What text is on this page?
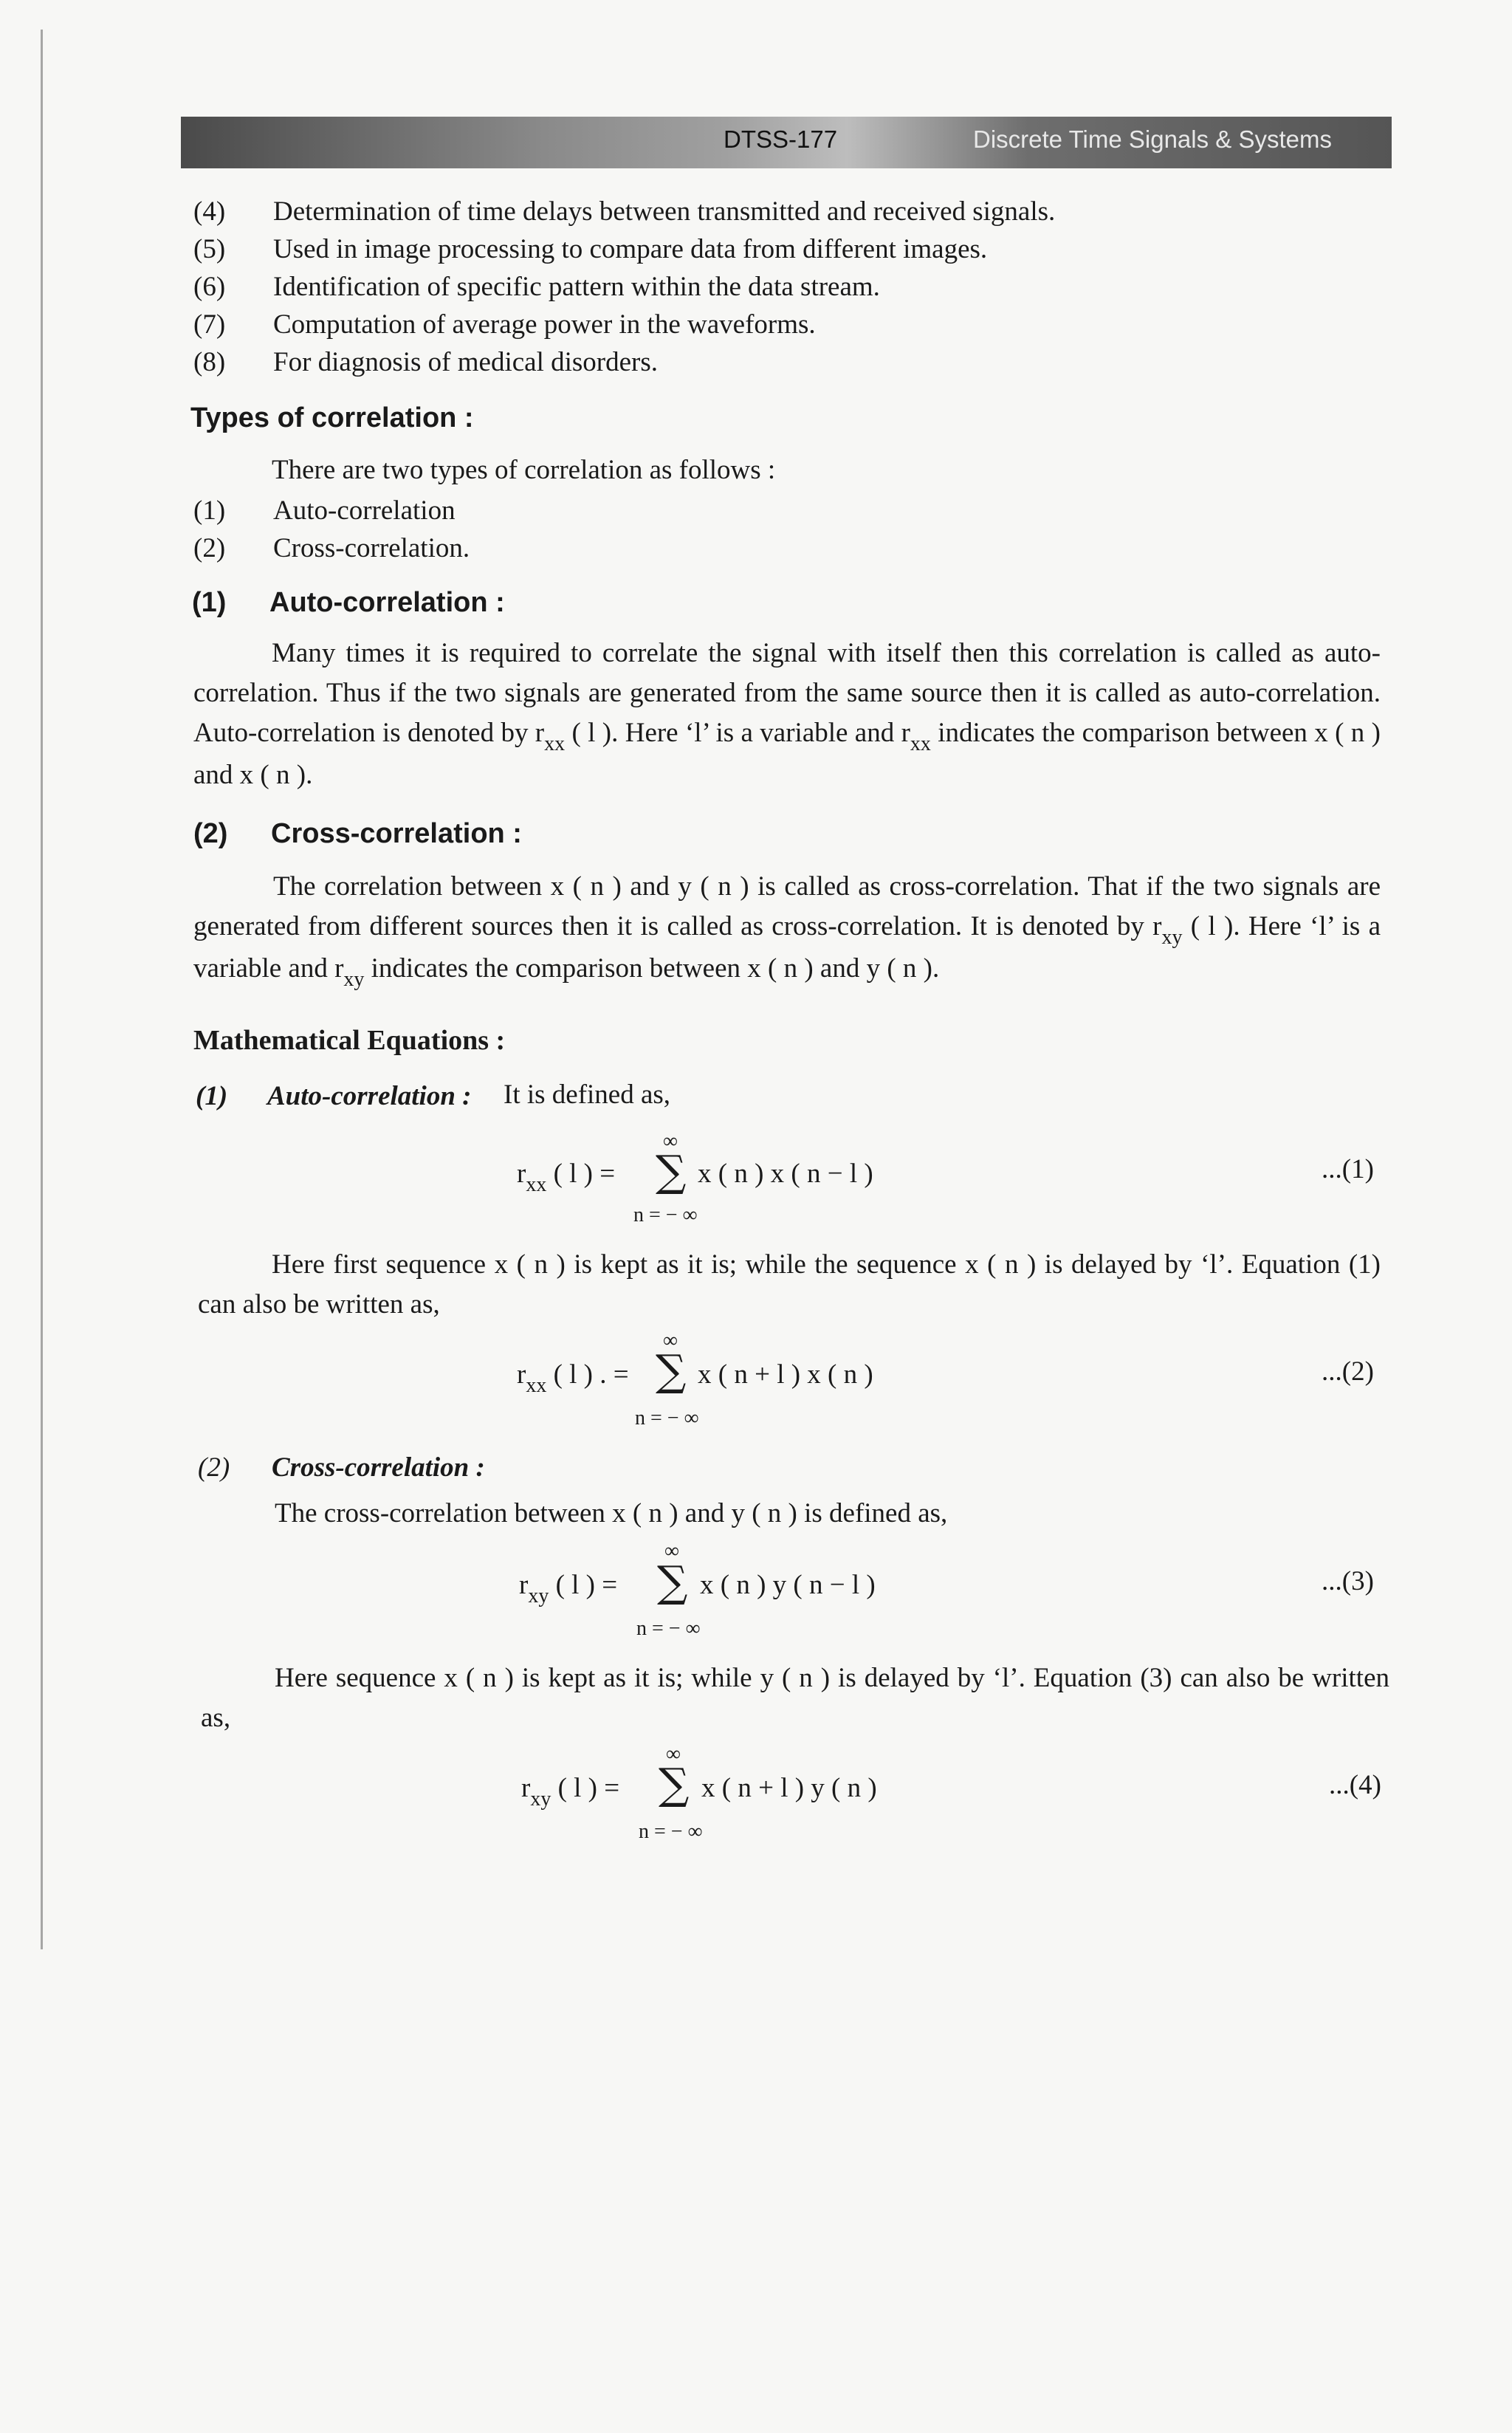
DTSS-177	Discrete Time Signals & Systems
(4) Determination of time delays between transmitted and received signals.
(5) Used in image processing to compare data from different images.
(6) Identification of specific pattern within the data stream.
(7) Computation of average power in the waveforms.
(8) For diagnosis of medical disorders.
Types of correlation :
There are two types of correlation as follows :
(1) Auto-correlation
(2) Cross-correlation.
(1) Auto-correlation :
Many times it is required to correlate the signal with itself then this correlation is called as auto-correlation. Thus if the two signals are generated from the same source then it is called as auto-correlation. Auto-correlation is denoted by $r_{xx}$ ( l ). Here ‘l’ is a variable and $r_{xx}$ indicates the comparison between x ( n ) and x ( n ).
(2) Cross-correlation :
The correlation between x ( n ) and y ( n ) is called as cross-correlation. That if the two signals are generated from different sources then it is called as cross-correlation. It is denoted by $r_{xy}$ ( l ). Here ‘l’ is a variable and $r_{xy}$ indicates the comparison between x ( n ) and y ( n ).
Mathematical Equations :
(1) Auto-correlation : It is defined as,
∞
$r_{xx}$ ( l ) = ∑ x ( n ) x ( n − l )
n = − ∞
...(1)
Here first sequence x ( n ) is kept as it is; while the sequence x ( n ) is delayed by ‘l’. Equation (1) can also be written as,
∞
$r_{xx}$ ( l ) . = ∑ x ( n + l ) x ( n )
n = − ∞
...(2)
(2) Cross-correlation :
The cross-correlation between x ( n ) and y ( n ) is defined as,
∞
$r_{xy}$ ( l ) = ∑ x ( n ) y ( n − l )
n = − ∞
...(3)
Here sequence x ( n ) is kept as it is; while y ( n ) is delayed by ‘l’. Equation (3) can also be written as,
∞
$r_{xy}$ ( l ) = ∑ x ( n + l ) y ( n )
n = − ∞
...(4)
